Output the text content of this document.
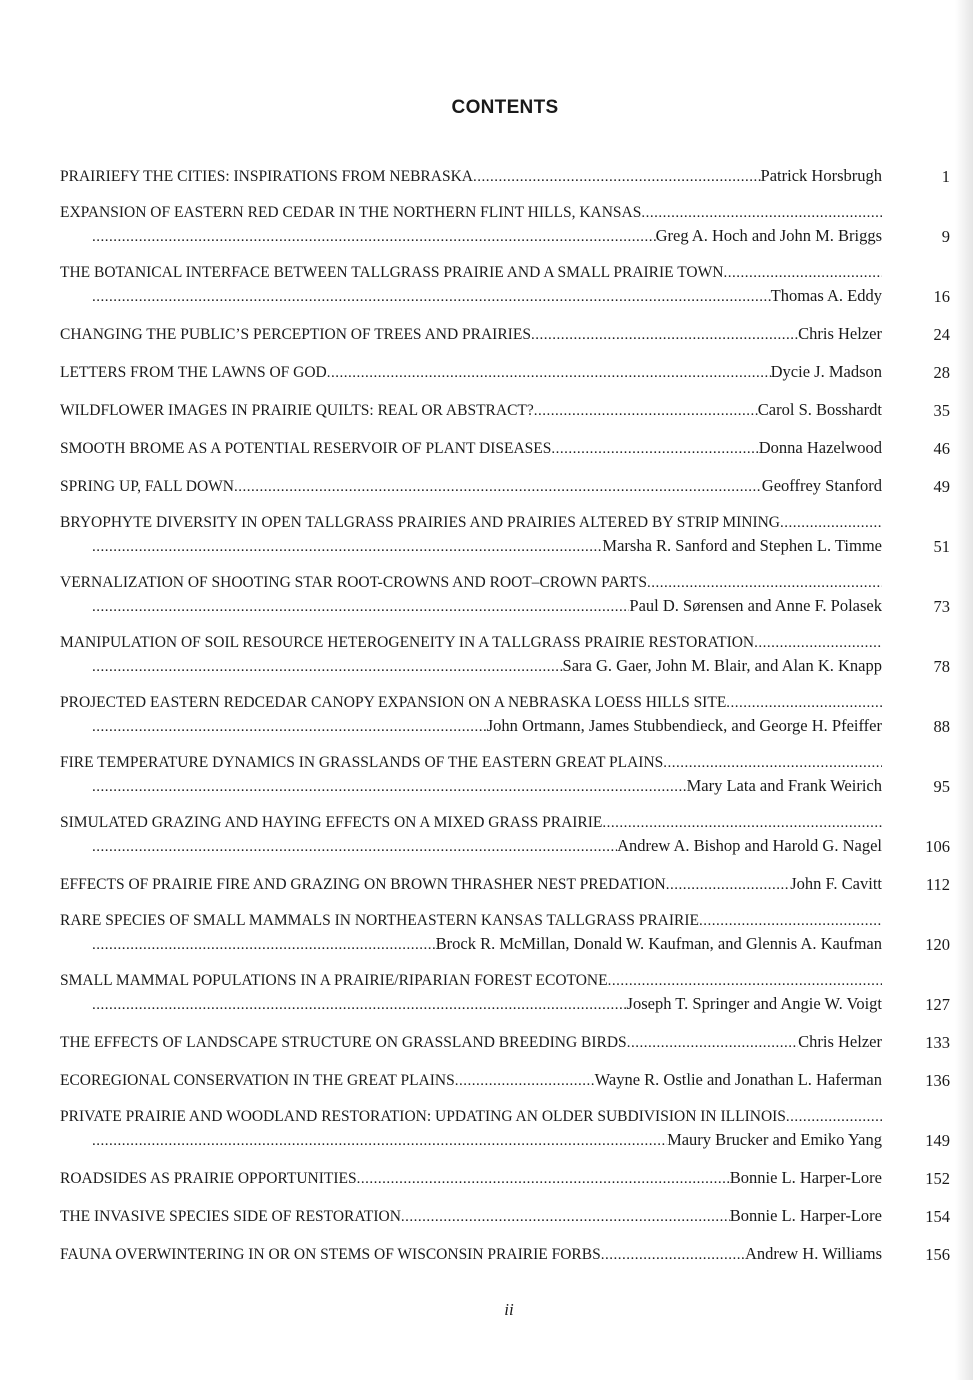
CONTENTS
PRAIRIEFY THE CITIES: INSPIRATIONS FROM NEBRASKA .....	Patrick Horsbrugh	1
EXPANSION OF EASTERN RED CEDAR IN THE NORTHERN FLINT HILLS, KANSAS
.....
.....
Greg A. Hoch and John M. Briggs	9
THE BOTANICAL INTERFACE BETWEEN TALLGRASS PRAIRIE AND A SMALL PRAIRIE TOWN
.....
.....
Thomas A. Eddy	16
CHANGING THE PUBLIC’S PERCEPTION OF TREES AND PRAIRIES .....	Chris Helzer	24
LETTERS FROM THE LAWNS OF GOD .....	Dycie J. Madson	28
WILDFLOWER IMAGES IN PRAIRIE QUILTS: REAL OR ABSTRACT? .....	Carol S. Bosshardt	35
SMOOTH BROME AS A POTENTIAL RESERVOIR OF PLANT DISEASES .....	Donna Hazelwood	46
SPRING UP, FALL DOWN .....	Geoffrey Stanford	49
BRYOPHYTE DIVERSITY IN OPEN TALLGRASS PRAIRIES AND PRAIRIES ALTERED BY STRIP MINING
.....
.....
Marsha R. Sanford and Stephen L. Timme	51
VERNALIZATION OF SHOOTING STAR ROOT-CROWNS AND ROOT–CROWN PARTS
.....
.....
Paul D. Sørensen and Anne F. Polasek	73
MANIPULATION OF SOIL RESOURCE HETEROGENEITY IN A TALLGRASS PRAIRIE RESTORATION
.....
.....
Sara G. Gaer, John M. Blair, and Alan K. Knapp	78
PROJECTED EASTERN REDCEDAR CANOPY EXPANSION ON A NEBRASKA LOESS HILLS SITE
.....
.....
John Ortmann, James Stubbendieck, and George H. Pfeiffer	88
FIRE TEMPERATURE DYNAMICS IN GRASSLANDS OF THE EASTERN GREAT PLAINS
.....
.....
Mary Lata and Frank Weirich	95
SIMULATED GRAZING AND HAYING EFFECTS ON A MIXED GRASS PRAIRIE
.....
.....
Andrew A. Bishop and Harold G. Nagel	106
EFFECTS OF PRAIRIE FIRE AND GRAZING ON BROWN THRASHER NEST PREDATION .....	John F. Cavitt	112
RARE SPECIES OF SMALL MAMMALS IN NORTHEASTERN KANSAS TALLGRASS PRAIRIE
.....
.....
Brock R. McMillan, Donald W. Kaufman, and Glennis A. Kaufman	120
SMALL MAMMAL POPULATIONS IN A PRAIRIE/RIPARIAN FOREST ECOTONE
.....
.....
Joseph T. Springer and Angie W. Voigt	127
THE EFFECTS OF LANDSCAPE STRUCTURE ON GRASSLAND BREEDING BIRDS .....	Chris Helzer	133
ECOREGIONAL CONSERVATION IN THE GREAT PLAINS .....	Wayne R. Ostlie and Jonathan L. Haferman	136
PRIVATE PRAIRIE AND WOODLAND RESTORATION: UPDATING AN OLDER SUBDIVISION IN ILLINOIS
.....
.....
Maury Brucker and Emiko Yang	149
ROADSIDES AS PRAIRIE OPPORTUNITIES .....	Bonnie L. Harper-Lore	152
THE INVASIVE SPECIES SIDE OF RESTORATION .....	Bonnie L. Harper-Lore	154
FAUNA OVERWINTERING IN OR ON STEMS OF WISCONSIN PRAIRIE FORBS .....	Andrew H. Williams	156
ii
